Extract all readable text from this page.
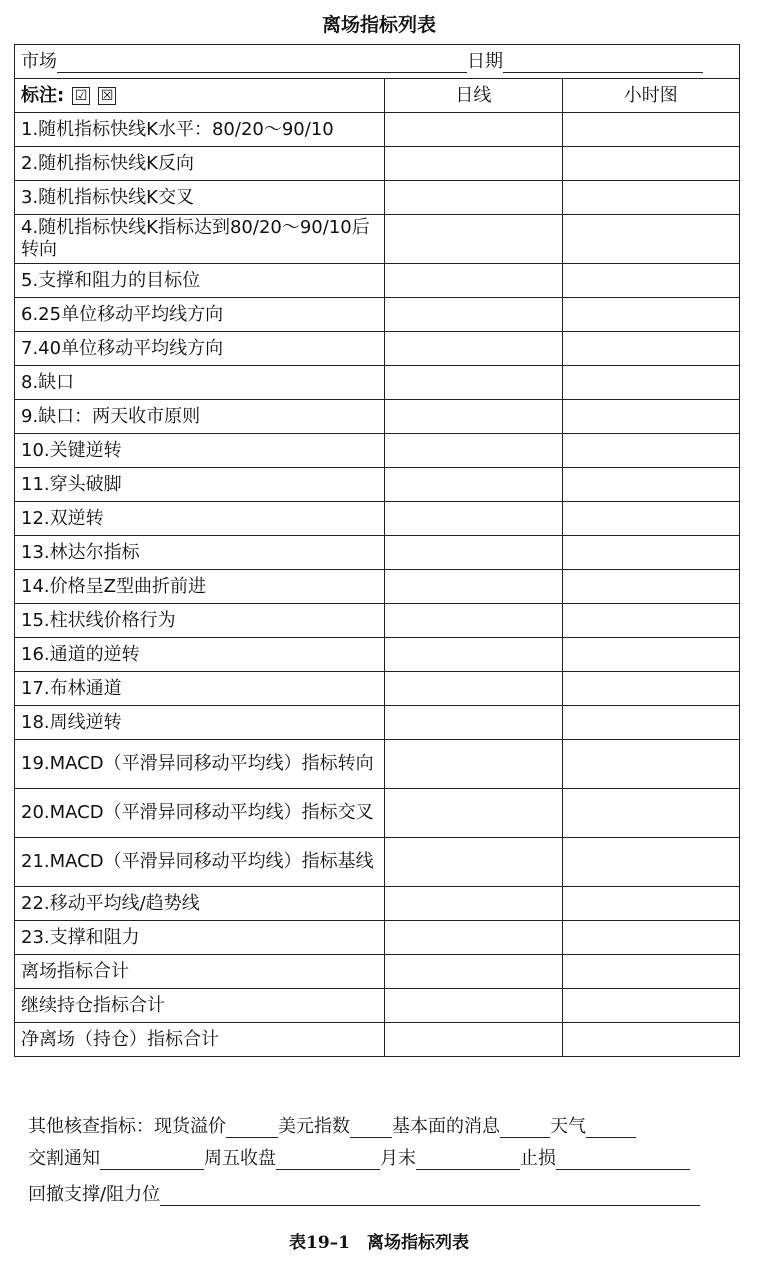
离场指标列表
市场 日期		

标注: ☑ ☒	日线	小时图
1.随机指标快线K水平：80/20～90/10		
2.随机指标快线K反向		
3.随机指标快线K交叉		
4.随机指标快线K指标达到80/20～90/10后转向		
5.支撑和阻力的目标位		
6.25单位移动平均线方向		
7.40单位移动平均线方向		
8.缺口		
9.缺口：两天收市原则		
10.关键逆转		
11.穿头破脚		
12.双逆转		
13.林达尔指标		
14.价格呈Z型曲折前进		
15.柱状线价格行为		
16.通道的逆转		
17.布林通道		
18.周线逆转		
19.MACD（平滑异同移动平均线）指标转向		
20.MACD（平滑异同移动平均线）指标交叉		
21.MACD（平滑异同移动平均线）指标基线		
22.移动平均线/趋势线		
23.支撑和阻力		
离场指标合计		
继续持仓指标合计		
净离场（持仓）指标合计		
其他核查指标： 现货溢价	美元指数 基本面的消息	天气
交割通知	周五收盘	月末	止损
回撤支撑/阻力位
表19–1　离场指标列表
